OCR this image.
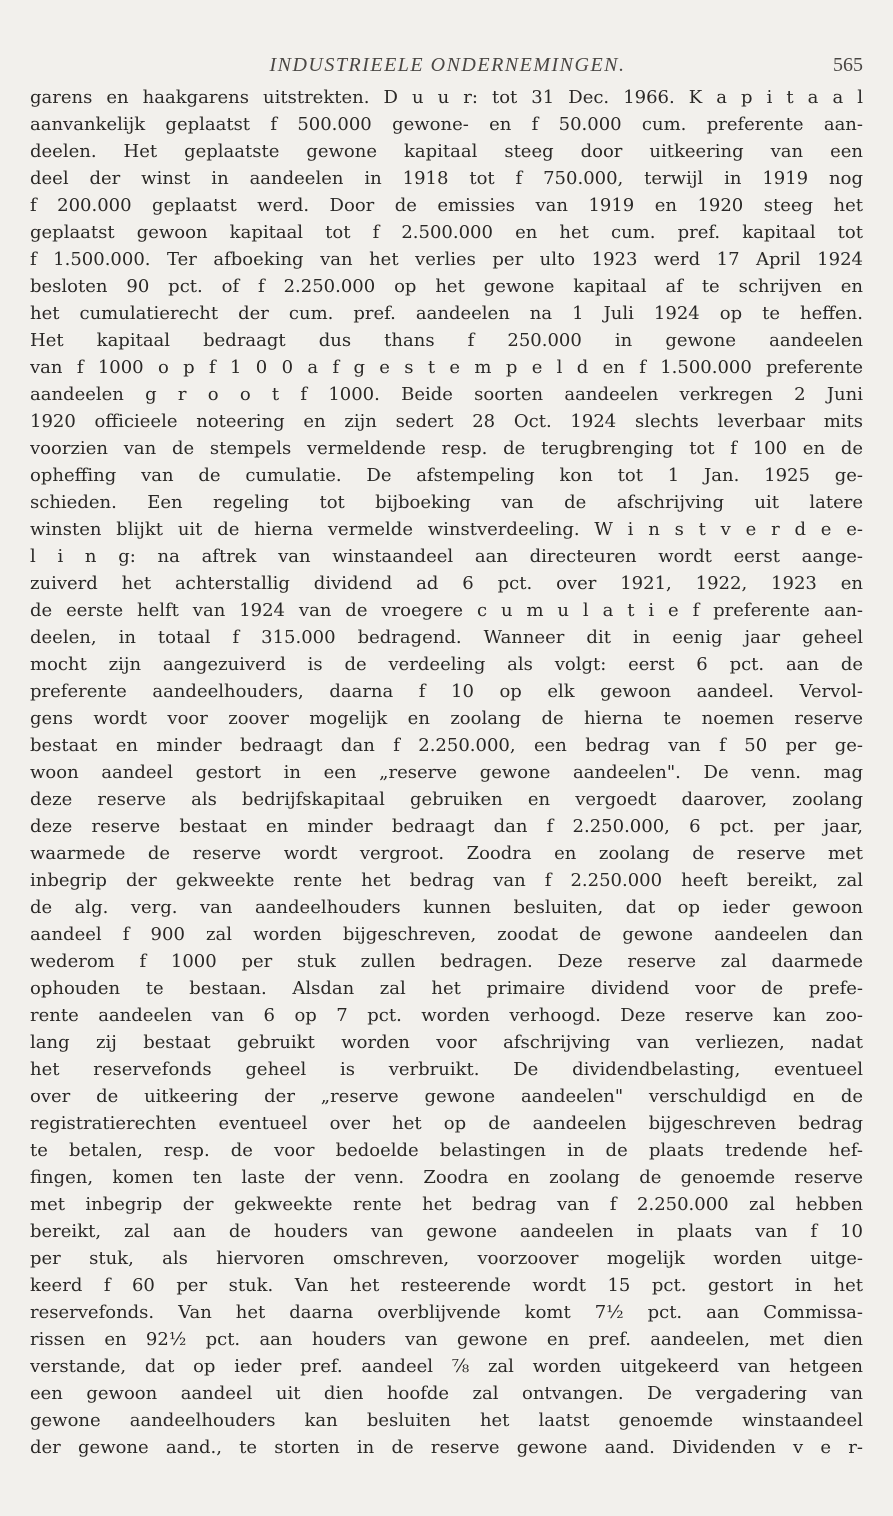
INDUSTRIEELE ONDERNEMINGEN.	565
garens en haakgarens uitstrekten. D u u r: tot 31 Dec. 1966. K a p i t a a l
aanvankelijk geplaatst f 500.000 gewone- en f 50.000 cum. preferente aan-
deelen. Het geplaatste gewone kapitaal steeg door uitkeering van een
deel der winst in aandeelen in 1918 tot f 750.000, terwijl in 1919 nog
f 200.000 geplaatst werd. Door de emissies van 1919 en 1920 steeg het
geplaatst gewoon kapitaal tot f 2.500.000 en het cum. pref. kapitaal tot
f 1.500.000. Ter afboeking van het verlies per ulto 1923 werd 17 April 1924
besloten 90 pct. of f 2.250.000 op het gewone kapitaal af te schrijven en
het cumulatierecht der cum. pref. aandeelen na 1 Juli 1924 op te heffen.
Het kapitaal bedraagt dus thans f 250.000 in gewone aandeelen
van f 1000 o p f 1 0 0 a f g e s t e m p e l d en f 1.500.000 preferente
aandeelen g r o o t f 1000. Beide soorten aandeelen verkregen 2 Juni
1920 officieele noteering en zijn sedert 28 Oct. 1924 slechts leverbaar mits
voorzien van de stempels vermeldende resp. de terugbrenging tot f 100 en de
opheffing van de cumulatie. De afstempeling kon tot 1 Jan. 1925 ge-
schieden. Een regeling tot bijboeking van de afschrijving uit latere
winsten blijkt uit de hierna vermelde winstverdeeling. W i n s t v e r d e e-
l i n g: na aftrek van winstaandeel aan directeuren wordt eerst aange-
zuiverd het achterstallig dividend ad 6 pct. over 1921, 1922, 1923 en
de eerste helft van 1924 van de vroegere c u m u l a t i e f preferente aan-
deelen, in totaal f 315.000 bedragend. Wanneer dit in eenig jaar geheel
mocht zijn aangezuiverd is de verdeeling als volgt: eerst 6 pct. aan de
preferente aandeelhouders, daarna f 10 op elk gewoon aandeel. Vervol-
gens wordt voor zoover mogelijk en zoolang de hierna te noemen reserve
bestaat en minder bedraagt dan f 2.250.000, een bedrag van f 50 per ge-
woon aandeel gestort in een „reserve gewone aandeelen". De venn. mag
deze reserve als bedrijfskapitaal gebruiken en vergoedt daarover, zoolang
deze reserve bestaat en minder bedraagt dan f 2.250.000, 6 pct. per jaar,
waarmede de reserve wordt vergroot. Zoodra en zoolang de reserve met
inbegrip der gekweekte rente het bedrag van f 2.250.000 heeft bereikt, zal
de alg. verg. van aandeelhouders kunnen besluiten, dat op ieder gewoon
aandeel f 900 zal worden bijgeschreven, zoodat de gewone aandeelen dan
wederom f 1000 per stuk zullen bedragen. Deze reserve zal daarmede
ophouden te bestaan. Alsdan zal het primaire dividend voor de prefe-
rente aandeelen van 6 op 7 pct. worden verhoogd. Deze reserve kan zoo-
lang zij bestaat gebruikt worden voor afschrijving van verliezen, nadat
het reservefonds geheel is verbruikt. De dividendbelasting, eventueel
over de uitkeering der „reserve gewone aandeelen" verschuldigd en de
registratierechten eventueel over het op de aandeelen bijgeschreven bedrag
te betalen, resp. de voor bedoelde belastingen in de plaats tredende hef-
fingen, komen ten laste der venn. Zoodra en zoolang de genoemde reserve
met inbegrip der gekweekte rente het bedrag van f 2.250.000 zal hebben
bereikt, zal aan de houders van gewone aandeelen in plaats van f 10
per stuk, als hiervoren omschreven, voorzoover mogelijk worden uitge-
keerd f 60 per stuk. Van het resteerende wordt 15 pct. gestort in het
reservefonds. Van het daarna overblijvende komt 7½ pct. aan Commissa-
rissen en 92½ pct. aan houders van gewone en pref. aandeelen, met dien
verstande, dat op ieder pref. aandeel ⅞ zal worden uitgekeerd van hetgeen
een gewoon aandeel uit dien hoofde zal ontvangen. De vergadering van
gewone aandeelhouders kan besluiten het laatst genoemde winstaandeel
der gewone aand., te storten in de reserve gewone aand. Dividenden v e r-
